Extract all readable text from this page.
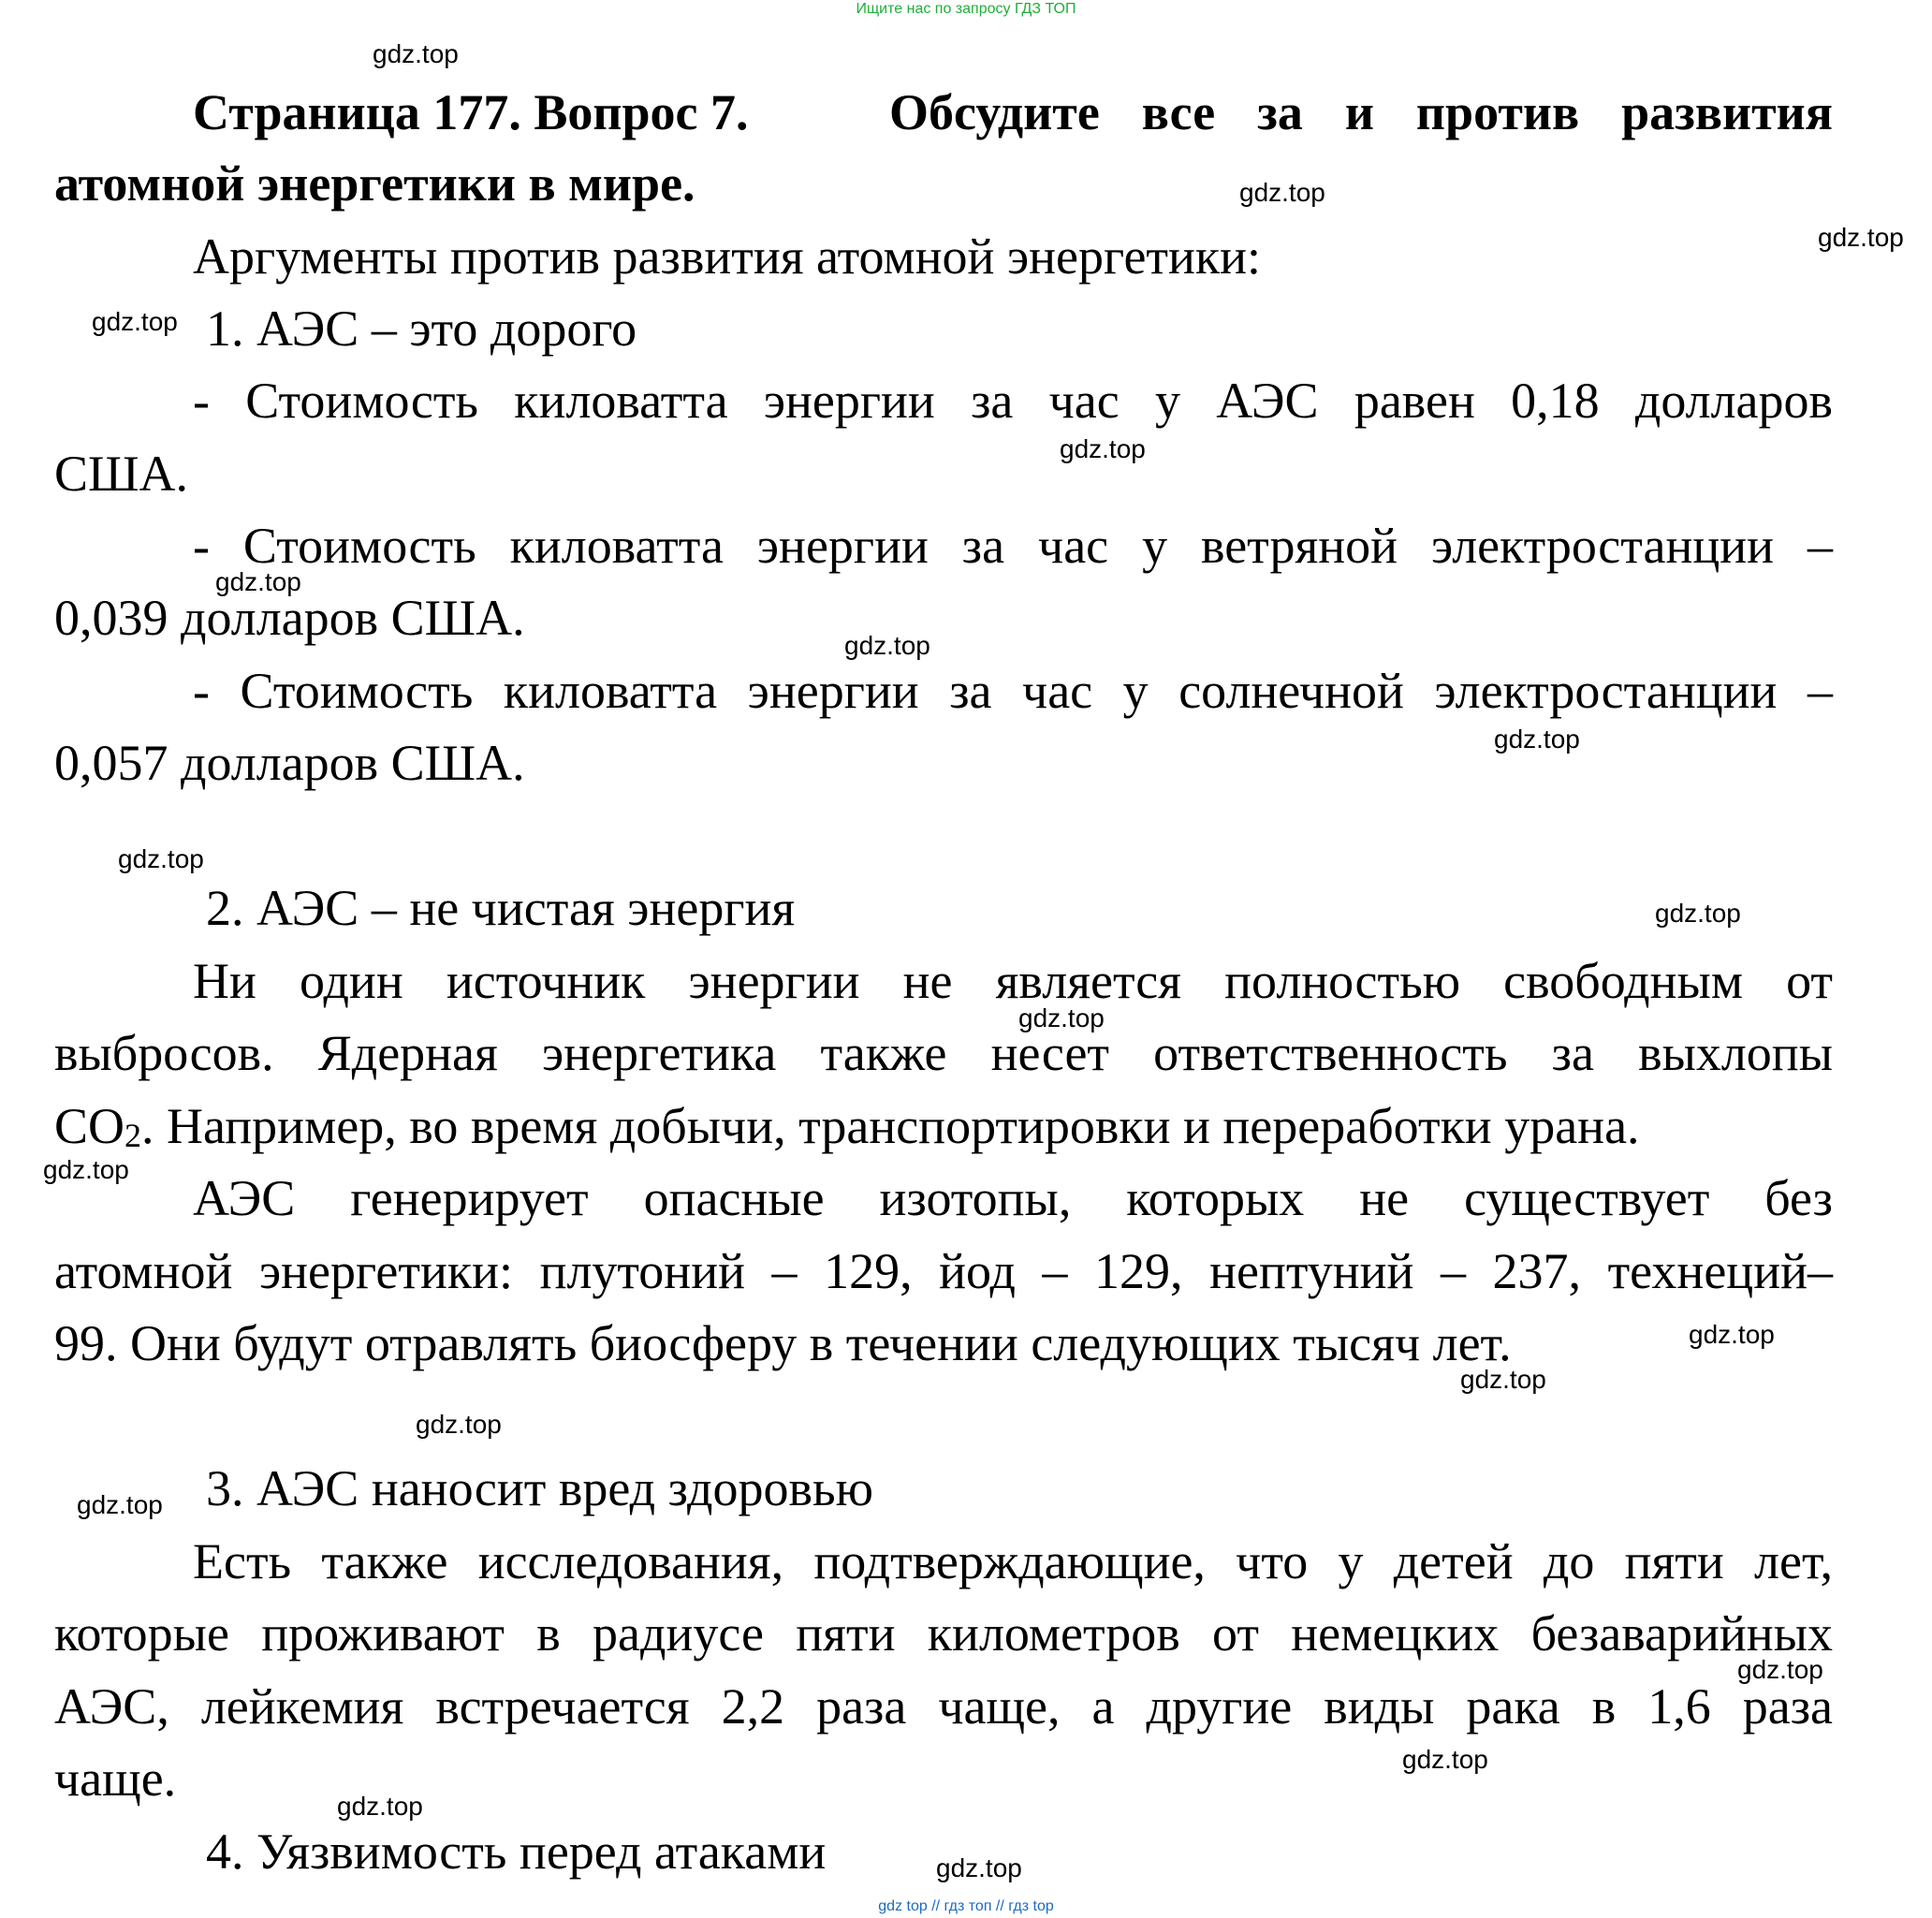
Ищите нас по запросу ГДЗ ТОП
Страница 177. Вопрос 7.	Обсудите все за и против развития
атомной энергетики в мире.
Аргументы против развития атомной энергетики:
1. АЭС – это дорого
- Стоимость киловатта энергии за час у АЭС равен 0,18 долларов
США.
- Стоимость киловатта энергии за час у ветряной электростанции –
0,039 долларов США.
- Стоимость киловатта энергии за час у солнечной электростанции –
0,057 долларов США.
2. АЭС – не чистая энергия
Ни один источник энергии не является полностью свободным от
выбросов. Ядерная энергетика также несет ответственность за выхлопы
$CO_2$. Например, во время добычи, транспортировки и переработки урана.
АЭС генерирует опасные изотопы, которых не существует без
атомной энергетики: плутоний – 129, йод – 129, нептуний – 237, технеций–
99. Они будут отравлять биосферу в течении следующих тысяч лет.
3. АЭС наносит вред здоровью
Есть также исследования, подтверждающие, что у детей до пяти лет,
которые проживают в радиусе пяти километров от немецких безаварийных
АЭС, лейкемия встречается 2,2 раза чаще, а другие виды рака в 1,6 раза
чаще.
4. Уязвимость перед атаками
gdz.top
gdz.top
gdz.top
gdz.top
gdz.top
gdz.top
gdz.top
gdz.top
gdz.top
gdz.top
gdz.top
gdz.top
gdz.top
gdz.top
gdz.top
gdz.top
gdz.top
gdz.top
gdz.top
gdz.top
gdz top // гдз топ // гдз top
